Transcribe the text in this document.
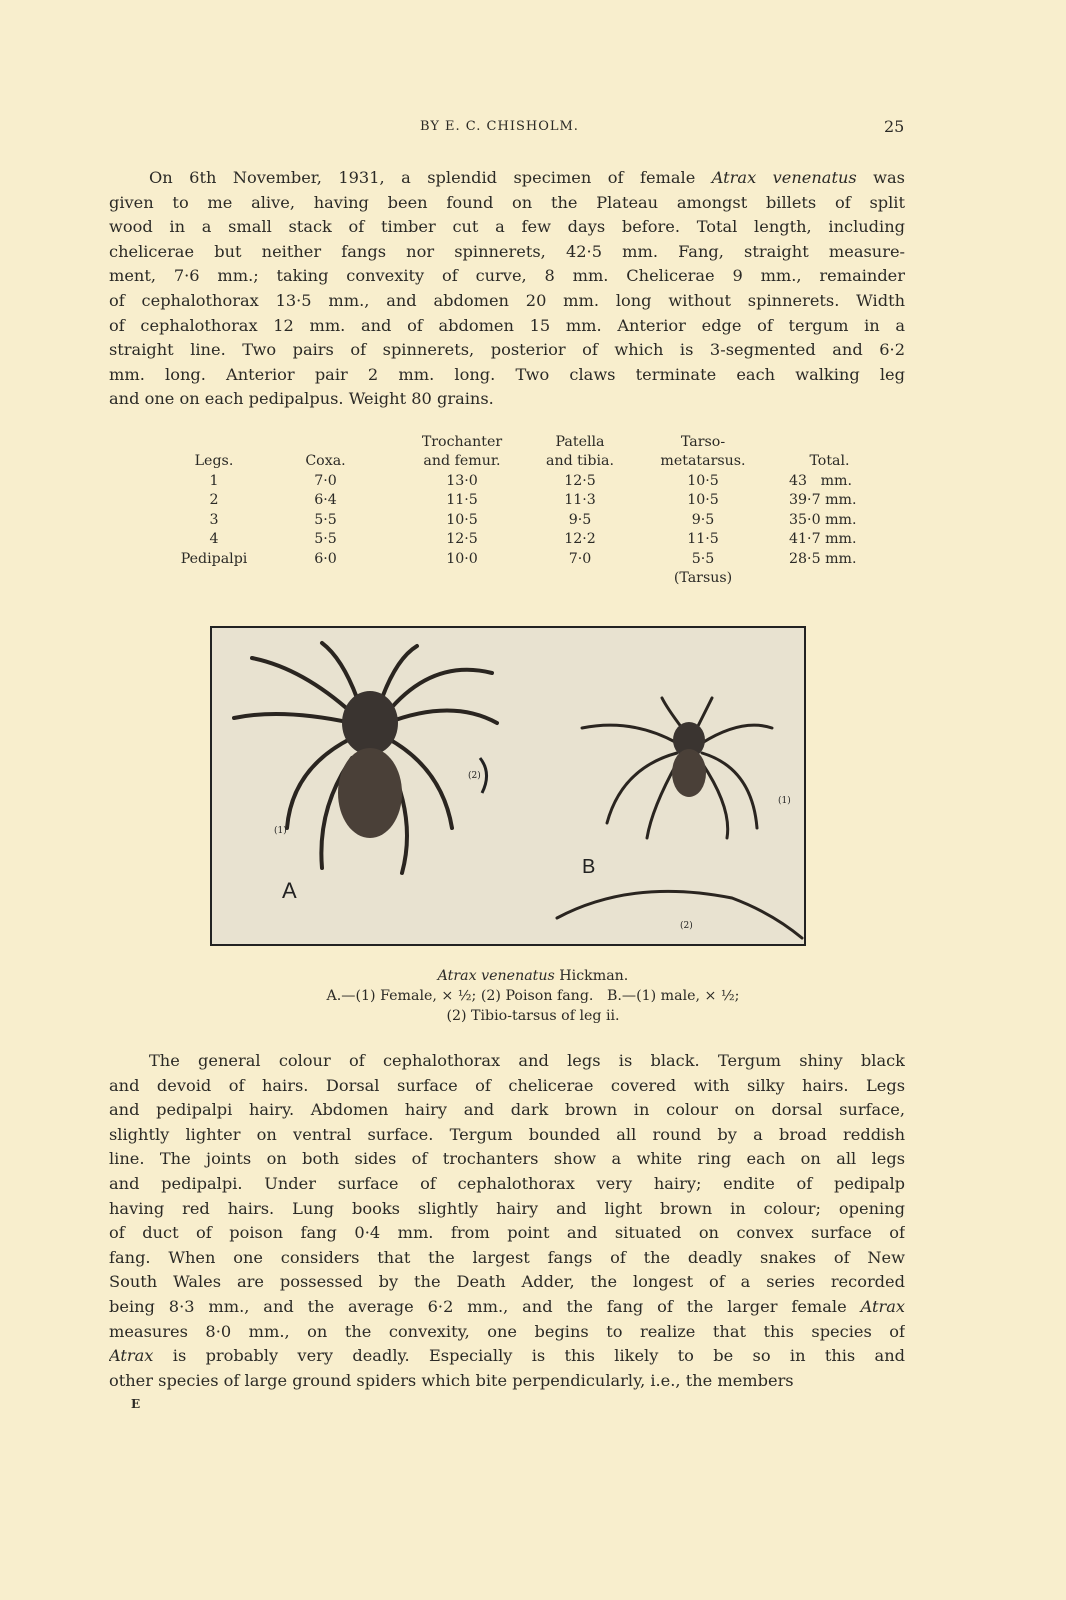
BY E. C. CHISHOLM.	25
On 6th November, 1931, a splendid specimen of female Atrax venenatus was
given to me alive, having been found on the Plateau amongst billets of split
wood in a small stack of timber cut a few days before. Total length, including
chelicerae but neither fangs nor spinnerets, 42·5 mm. Fang, straight measure-
ment, 7·6 mm.; taking convexity of curve, 8 mm. Chelicerae 9 mm., remainder
of cephalothorax 13·5 mm., and abdomen 20 mm. long without spinnerets. Width
of cephalothorax 12 mm. and of abdomen 15 mm. Anterior edge of tergum in a
straight line. Two pairs of spinnerets, posterior of which is 3-segmented and 6·2
mm. long. Anterior pair 2 mm. long. Two claws terminate each walking leg
and one on each pedipalpus. Weight 80 grains.
		Trochanter	Patella	Tarso-	
Legs.	Coxa.	and femur.	and tibia.	metatarsus.	Total.
1	7·0	13·0	12·5	10·5	43   mm.
2	6·4	11·5	11·3	10·5	39·7 mm.
3	5·5	10·5	9·5	9·5	35·0 mm.
4	5·5	12·5	12·2	11·5	41·7 mm.
Pedipalpi	6·0	10·0	7·0	5·5	28·5 mm.
				(Tarsus)	
A
B
(1)
(2)
(1)
(2)
Atrax venenatus Hickman.
A.—(1) Female, × ½; (2) Poison fang.   B.—(1) male, × ½;
(2) Tibio-tarsus of leg ii.
The general colour of cephalothorax and legs is black. Tergum shiny black
and devoid of hairs. Dorsal surface of chelicerae covered with silky hairs. Legs
and pedipalpi hairy. Abdomen hairy and dark brown in colour on dorsal surface,
slightly lighter on ventral surface. Tergum bounded all round by a broad reddish
line. The joints on both sides of trochanters show a white ring each on all legs
and pedipalpi. Under surface of cephalothorax very hairy; endite of pedipalp
having red hairs. Lung books slightly hairy and light brown in colour; opening
of duct of poison fang 0·4 mm. from point and situated on convex surface of
fang. When one considers that the largest fangs of the deadly snakes of New
South Wales are possessed by the Death Adder, the longest of a series recorded
being 8·3 mm., and the average 6·2 mm., and the fang of the larger female Atrax
measures 8·0 mm., on the convexity, one begins to realize that this species of
Atrax is probably very deadly. Especially is this likely to be so in this and
other species of large ground spiders which bite perpendicularly, i.e., the members
E
